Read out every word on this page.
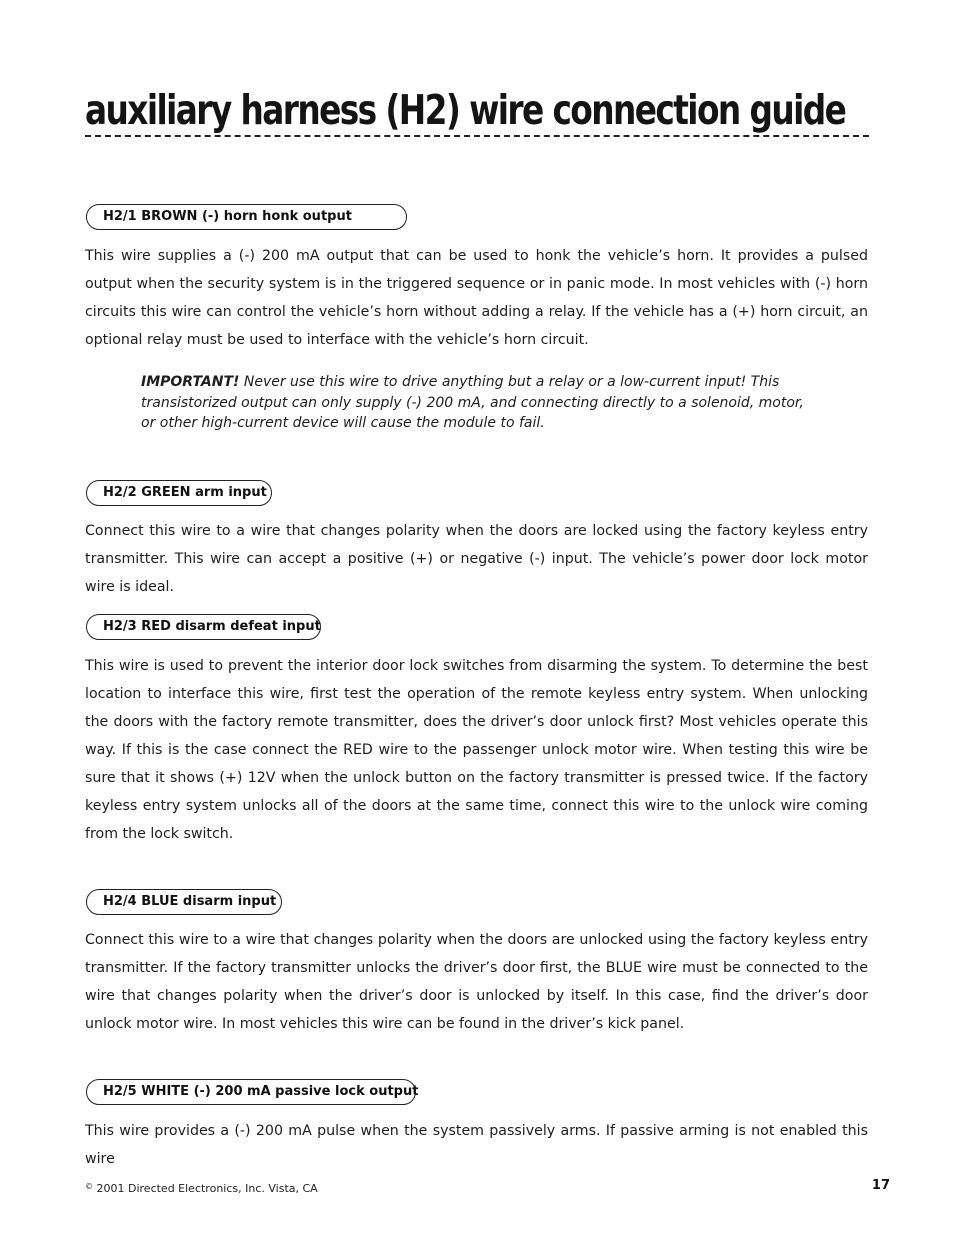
auxiliary harness (H2) wire connection guide
H2/1 BROWN (-) horn honk output

This wire supplies a (-) 200 mA output that can be used to honk the vehicle’s horn. It provides a pulsed output when the security system is in the triggered sequence or in panic mode. In most vehicles with (-) horn circuits this wire can control the vehicle’s horn without adding a relay. If the vehicle has a (+) horn circuit, an optional relay must be used to interface with the vehicle’s horn circuit.

IMPORTANT! Never use this wire to drive anything but a relay or a low-current input! This transistorized output can only supply (-) 200 mA, and connecting directly to a solenoid, motor, or other high-current device will cause the module to fail.

H2/2 GREEN arm input

Connect this wire to a wire that changes polarity when the doors are locked using the factory keyless entry transmitter. This wire can accept a positive (+) or negative (-) input. The vehicle’s power door lock motor wire is ideal.

H2/3 RED disarm defeat input

This wire is used to prevent the interior door lock switches from disarming the system. To determine the best location to interface this wire, first test the operation of the remote keyless entry system. When unlocking the doors with the factory remote transmitter, does the driver’s door unlock first? Most vehicles operate this way. If this is the case connect the RED wire to the passenger unlock motor wire. When testing this wire be sure that it shows (+) 12V when the unlock button on the factory transmitter is pressed twice. If the factory keyless entry system unlocks all of the doors at the same time, connect this wire to the unlock wire coming from the lock switch.

H2/4 BLUE disarm input

Connect this wire to a wire that changes polarity when the doors are unlocked using the factory keyless entry transmitter. If the factory transmitter unlocks the driver’s door first, the BLUE wire must be connected to the wire that changes polarity when the driver’s door is unlocked by itself. In this case, find the driver’s door unlock motor wire. In most vehicles this wire can be found in the driver’s kick panel.

H2/5 WHITE (-) 200 mA passive lock output

This wire provides a (-) 200 mA pulse when the system passively arms. If passive arming is not enabled this wire

© 2001 Directed Electronics, Inc. Vista, CA	17
